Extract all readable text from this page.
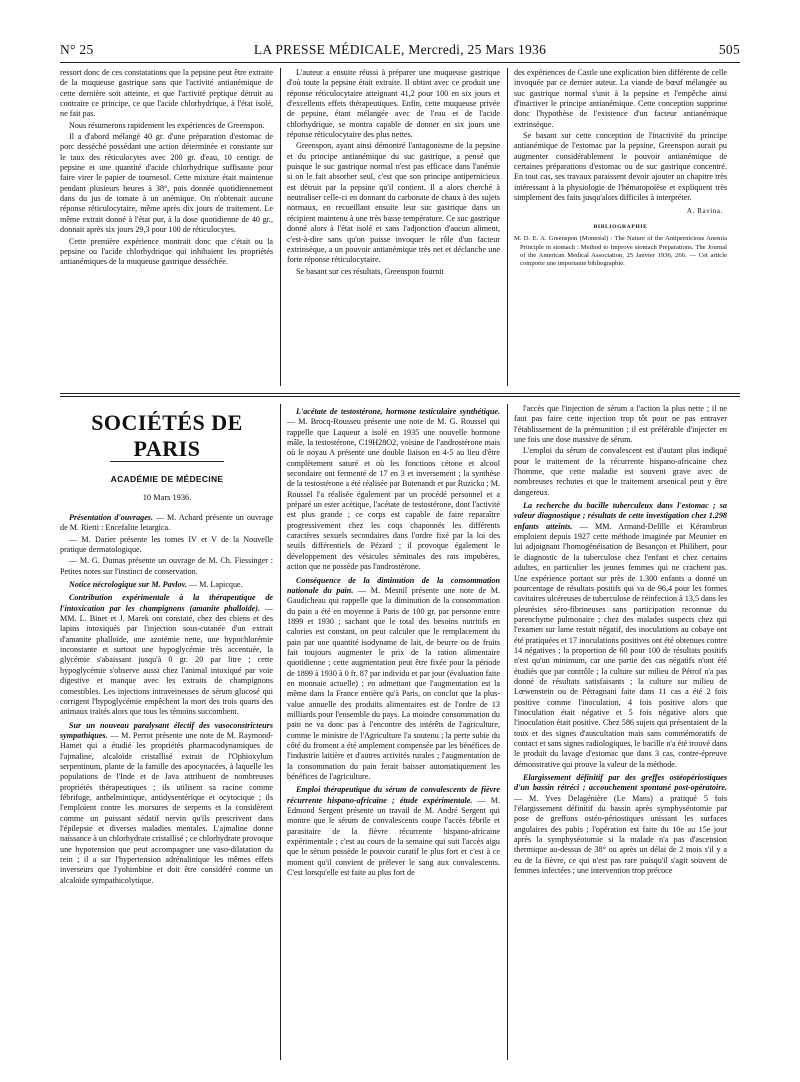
N° 25	LA PRESSE MÉDICALE, Mercredi, 25 Mars 1936	505

ressort donc de ces constatations que la pepsine peut être extraite de la muqueuse gastrique sans que l'activité antianémique de cette dernière soit atteinte, et que l'activité peptique détruit au contraire ce principe, ce que l'acide chlorhydrique, à l'état isolé, ne fait pas.

Nous résumerons rapidement les expériences de Greenspon.

Il a d'abord mélangé 40 gr. d'une préparation d'estomac de porc desséché possédant une action déterminée et constante sur le taux des réticulocytes avec 200 gr. d'eau, 10 centigr. de pepsine et une quantité d'acide chlorhydrique suffisante pour faire virer le papier de tournesol. Cette mixture était maintenue pendant plusieurs heures à 38°, puis donnée quotidiennement dans du jus de tomate à un anémique. On n'obtenait aucune réponse réticulocytaire, même après dix jours de traitement. Le même extrait donné à l'état pur, à la dose quotidienne de 40 gr., donnait après six jours 29,3 pour 100 de réticulocytes.

Cette première expérience montrait donc que c'était ou la pepsine ou l'acide chlorhydrique qui inhibaient les propriétés antianémiques de la muqueuse gastrique desséchée.

L'auteur a ensuite réussi à préparer une muqueuse gastrique d'où toute la pepsine était extraite. Il obtint avec ce produit une réponse réticulocytaire atteignant 41,2 pour 100 en six jours et d'excellents effets thérapeutiques. Enfin, cette muqueuse privée de pepsine, étant mélangée avec de l'eau et de l'acide chlorhydrique, se montra capable de donner en six jours une réponse réticulocytaire des plus nettes.

Greenspon, ayant ainsi démontré l'antagonisme de la pepsine et du principe antianémique du suc gastrique, a pensé que puisque le suc gastrique normal n'est pas efficace dans l'anémie si on le fait absorber seul, c'est que son principe antipernicieux est détruit par la pepsine qu'il contient. Il a alors cherché à neutraliser celle-ci en donnant du carbonate de chaux à des sujets normaux, en recueillant ensuite leur suc gastrique dans un récipient maintenu à une très basse température. Ce suc gastrique donné alors à l'état isolé et sans l'adjonction d'aucun aliment, c'est-à-dire sans qu'on puisse invoquer le rôle d'un facteur extrinsèque, a un pouvoir antianémique très net et déclanche une forte réponse réticulocytaire.

Se basant sur ces résultats, Greenspon fournit

des expériences de Castle une explication bien différente de celle invoquée par ce dernier auteur. La viande de bœuf mélangée au suc gastrique normal s'unit à la pepsine et l'empêche ainsi d'inactiver le principe antianémique. Cette conception supprime donc l'hypothèse de l'existence d'un facteur antianémique extrinsèque.

Se basant sur cette conception de l'inactivité du principe antianémique de l'estomac par la pepsine, Greenspon aurait pu augmenter considérablement le pouvoir antianémique de certaines préparations d'estomac ou de suc gastrique concentré. En tout cas, ses travaux paraissent devoir ajouter un chapitre très intéressant à la physiologie de l'hématopoïèse et expliquent très simplement des faits jusqu'alors difficiles à interpréter.

A. Ravina.

BIBLIOGRAPHIE

M. D. E. A. Greenspon (Montréal) : The Nature of the Antipernicious Anemia Principle in stomach : Method to Improve stomach Preparations. The Journal of the American Medical Association, 25 Janvier 1936, 266. — Cet article comporte une importante bibliographie.

SOCIÉTÉS DE PARIS
ACADÉMIE DE MÉDECINE
10 Mars 1936.

Présentation d'ouvrages. — M. Achard présente un ouvrage de M. Rietti : Encefalite letargica.

— M. Darier présente les tomes IV et V de la Nouvelle pratique dermatologique.

— M. G. Dumas présente un ouvrage de M. Ch. Fiessinger : Petites notes sur l'instinct de conservation.

Notice nécrologique sur M. Pavlov. — M. Lapicque.

Contribution expérimentale à la thérapeutique de l'intoxication par les champignons (amanite phalloïde). — MM. L. Binet et J. Marek ont constaté, chez des chiens et des lapins intoxiqués par l'injection sous-cutanée d'un extrait d'amanite phalloïde, une azotémie nette, une hypochlorémie inconstante et surtout une hypoglycémie très accentuée, la glycémie s'abaissant jusqu'à 0 gr. 20 par litre ; cette hypoglycémie s'observe aussi chez l'animal intoxiqué par voie digestive et manque avec les extraits de champignons comestibles. Les injections intraveineuses de sérum glucosé qui corrigent l'hypoglycémie empêchent la mort des trois quarts des animaux traités alors que tous les témoins succombent.

Sur un nouveau paralysant électif des vasoconstricteurs sympathiques. — M. Perrot présente une note de M. Raymond-Hamet qui a étudié les propriétés pharmacodynamiques de l'ajmaline, alcaloïde cristallisé extrait de l'Ophioxylum serpentinum, plante de la famille des apocynacées, à laquelle les populations de l'Inde et de Java attribuent de nombreuses propriétés thérapeutiques ; ils utilisent sa racine comme fébrifuge, anthelmintique, antidysentérique et ocytocique ; ils l'emploient contre les morsures de serpents et la considèrent comme un puissant sédatif nervin qu'ils prescrivent dans l'épilepsie et diverses maladies mentales. L'ajmaline donne naissance à un chlorhydrate cristallisé ; ce chlorhydrate provoque une hypotension que peut accompagner une vaso-dilatation du rein ; il a sur l'hypertension adrénalinique les mêmes effets inverseurs que l'yohimbine et doit être considéré comme un alcaloïde sympathicolytique.

L'acétate de testostérone, hormone testiculaire synthétique. — M. Brocq-Rousseu présente une note de M. G. Roussel qui rappelle que Laqueur a isolé en 1935 une nouvelle hormone mâle, la testostérone, C19H28O2, voisine de l'androstérone mais où le noyau A présente une double liaison en 4-5 au lieu d'être complètement saturé et où les fonctions cétone et alcool secondaire ont fermenté de 17 en 3 et inversement ; la synthèse de la testostérone a été réalisée par Butenandt et par Ruzicka ; M. Roussel l'a réalisée également par un procédé personnel et a préparé un ester acétique, l'acétate de testostérone, dont l'activité est plus grande ; ce corps est capable de faire reparaître progressivement chez les coqs chaponnés les différents caractères sexuels secondaires dans l'ordre fixé par la loi des seuils différentiels de Pézard ; il provoque également le développement des vésicules séminales des rats impubères, action que ne possède pas l'androstérone.

Conséquence de la diminution de la consommation nationale du pain. — M. Mesnil présente une note de M. Gaudicheau qui rappelle que la diminution de la consommation du pain a été en moyenne à Paris de 100 gr. par personne entre 1899 et 1930 ; sachant que le total des besoins nutritifs en calories est constant, on peut calculer que le remplacement du pain par une quantité isodyname de lait, de beurre ou de fruits fait toujours augmenter le prix de la ration alimentaire quotidienne ; cette augmentation peut être fixée pour la période de 1899 à 1930 à 0 fr. 87 par individu et par jour (évaluation faite en monnaie actuelle) ; en admettant que l'augmentation est la même dans la France entière qu'à Paris, on conclut que la plus-value annuelle des produits alimentaires est de l'ordre de 13 milliards pour l'ensemble du pays. La moindre consommation du pain ne va donc pas à l'encontre des intérêts de l'agriculture, comme le ministre de l'Agriculture l'a soutenu ; la perte subie du côté du froment a été amplement compensée par les bénéfices de l'industrie laitière et d'autres activités rurales ; l'augmentation de la consommation du pain ferait baisser automatiquement les bénéfices de l'agriculture.

Emploi thérapeutique du sérum de convalescents de fièvre récurrente hispano-africaine ; étude expérimentale. — M. Edmond Sergent présente un travail de M. André Sergent qui montre que le sérum de convalescents coupe l'accès fébrile et parasitaire de la fièvre récurrente hispano-africaine expérimentale ; c'est au cours de la semaine qui suit l'accès aigu que le sérum possède le pouvoir curatif le plus fort et c'est à ce moment qu'il convient de prélever le sang aux convalescents. C'est lorsqu'elle est faite au plus fort de

l'accès que l'injection de sérum a l'action la plus nette ; il ne faut pas faire cette injection trop tôt pour ne pas entraver l'établissement de la prémunition ; il est préférable d'injecter en une fois une dose massive de sérum.

L'emploi du sérum de convalescent est d'autant plus indiqué pour le traitement de la récurrente hispano-africaine chez l'homme, que cette maladie est souvent grave avec de nombreuses rechutes et que le traitement arsenical peut y être dangereux.

La recherche du bacille tuberculeux dans l'estomac ; sa valeur diagnostique ; résultats de cette investigation chez 1.298 enfants atteints. — MM. Armand-Delille et Kérambrun emploient depuis 1927 cette méthode imaginée par Meunier en lui adjoignant l'homogénéisation de Besançon et Philibert, pour le diagnostic de la tuberculose chez l'enfant et chez certains adultes, en particulier les jeunes femmes qui ne crachent pas. Une expérience portant sur près de 1.300 enfants a donné un pourcentage de résultats positifs qui va de 96,4 pour les formes cavitaires ulcéreuses de tuberculose de réinfection à 13,5 dans les pleurésies séro-fibrineuses sans participation reconnue du parenchyme pulmonaire ; chez des malades suspects chez qui l'examen sur lame restait négatif, des inoculations au cobaye ont été pratiquées et 17 inoculations positives ont été obtenues contre 14 négatives ; la proportion de 60 pour 100 de résultats positifs n'est qu'un minimum, car une partie des cas négatifs n'ont été étudiés que par contrôle ; la culture sur milieu de Pétrof n'a pas donné de résultats satisfaisants ; la culture sur milieu de Lœwenstein ou de Pétragnani faite dans 11 cas a été 2 fois positive comme l'inoculation, 4 fois positive alors que l'inoculation était négative et 5 fois négative alors que l'inoculation était positive. Chez 586 sujets qui présentaient de la toux et des signes d'auscultation mais sans commémoratifs de contact et sans signes radiologiques, le bacille n'a été trouvé dans le produit du lavage d'estomac que dans 3 cas, contre-épreuve démonstrative qui prouve la valeur de la méthode.

Elargissement définitif par des greffes ostéopériostiques d'un bassin rétréci ; accouchement spontané post-opératoire. — M. Yves Delagénière (Le Mans) a pratiqué 5 fois l'élargissement définitif du bassin après symphyséotomie par pose de greffons ostéo-périostiques unissant les surfaces angulaires des pubis ; l'opération est faite du 10e au 15e jour après la symphyséotomie si la malade n'a pas d'ascension thermique au-dessus de 38° ou après un délai de 2 mois s'il y a eu de la fièvre, ce qui n'est pas rare puisqu'il s'agit souvent de femmes infectées ; une intervention trop précoce
